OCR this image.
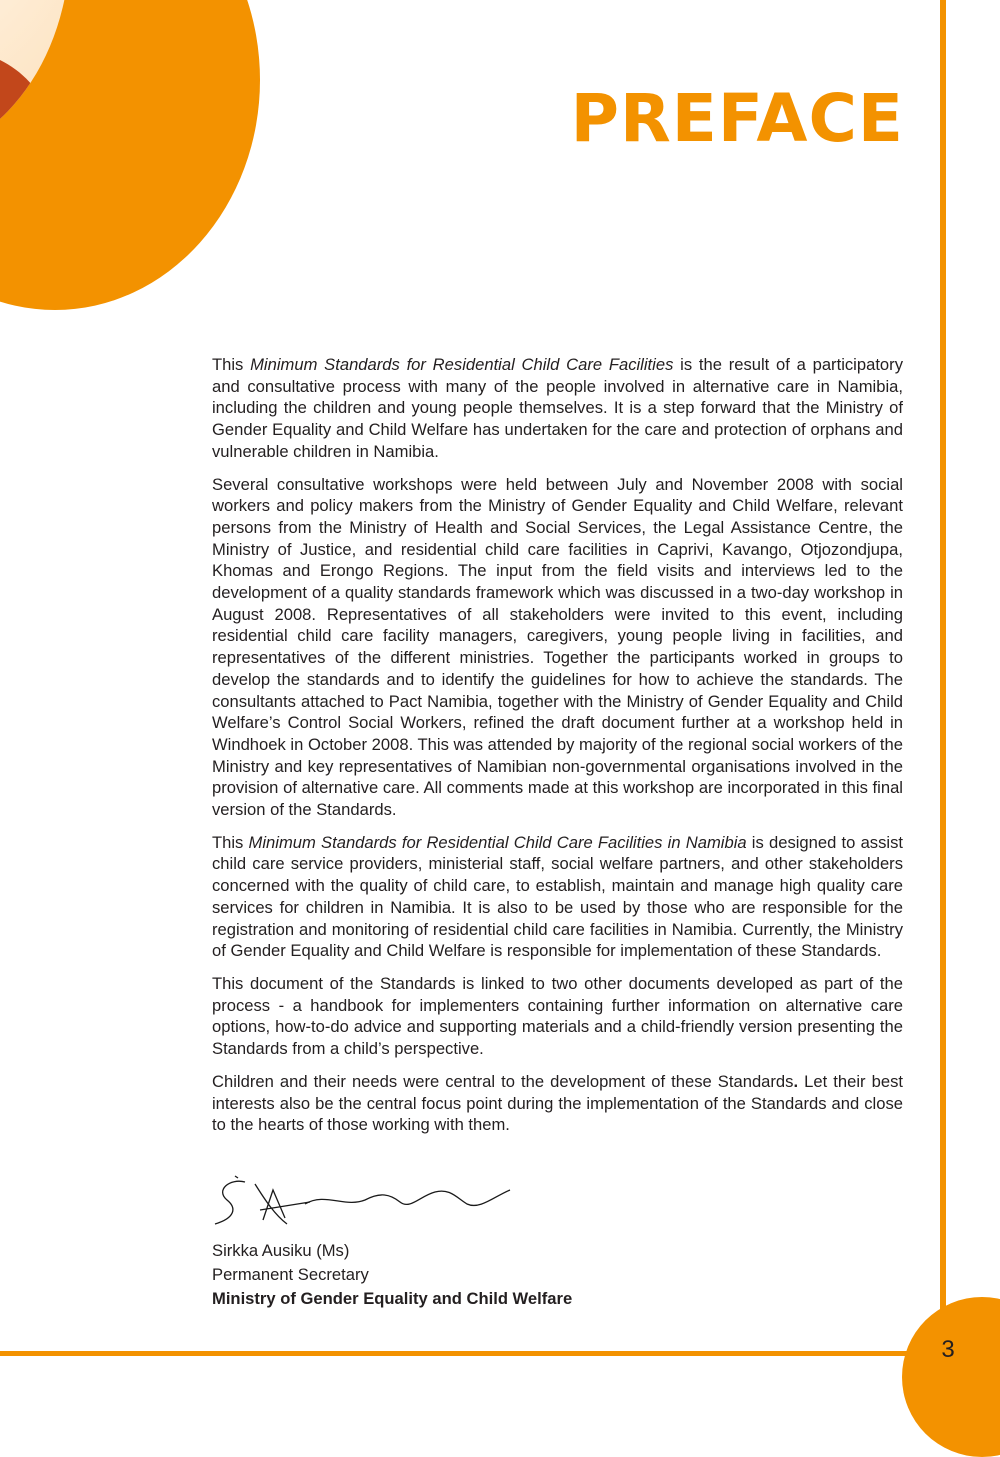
3
PREFACE

This Minimum Standards for Residential Child Care Facilities is the result of a participatory and consultative process with many of the people involved in alternative care in Namibia, including the children and young people themselves. It is a step forward that the Ministry of Gender Equality and Child Welfare has undertaken for the care and protection of orphans and vulnerable children in Namibia.

Several consultative workshops were held between July and November 2008 with social workers and policy makers from the Ministry of Gender Equality and Child Welfare, relevant persons from the Ministry of Health and Social Services, the Legal Assistance Centre, the Ministry of Justice, and residential child care facilities in Caprivi, Kavango, Otjozondjupa, Khomas and Erongo Regions. The input from the field visits and interviews led to the development of a quality standards framework which was discussed in a two-day workshop in August 2008. Representatives of all stakeholders were invited to this event, including residential child care facility managers, caregivers, young people living in facilities, and representatives of the different ministries. Together the participants worked in groups to develop the standards and to identify the guidelines for how to achieve the standards. The consultants attached to Pact Namibia, together with the Ministry of Gender Equality and Child Welfare’s Control Social Workers, refined the draft document further at a workshop held in Windhoek in October 2008. This was attended by majority of the regional social workers of the Ministry and key representatives of Namibian non-governmental organisations involved in the provision of alternative care. All comments made at this workshop are incorporated in this final version of the Standards.

This Minimum Standards for Residential Child Care Facilities in Namibia is designed to assist child care service providers, ministerial staff, social welfare partners, and other stakeholders concerned with the quality of child care, to establish, maintain and manage high quality care services for children in Namibia. It is also to be used by those who are responsible for the registration and monitoring of residential child care facilities in Namibia. Currently, the Ministry of Gender Equality and Child Welfare is responsible for implementation of these Standards.

This document of the Standards is linked to two other documents developed as part of the process - a handbook for implementers containing further information on alternative care options, how-to-do advice and supporting materials and a child-friendly version presenting the Standards from a child’s perspective.

Children and their needs were central to the development of these Standards. Let their best interests also be the central focus point during the implementation of the Standards and close to the hearts of those working with them.

Sirkka Ausiku (Ms)
Permanent Secretary
Ministry of Gender Equality and Child Welfare
